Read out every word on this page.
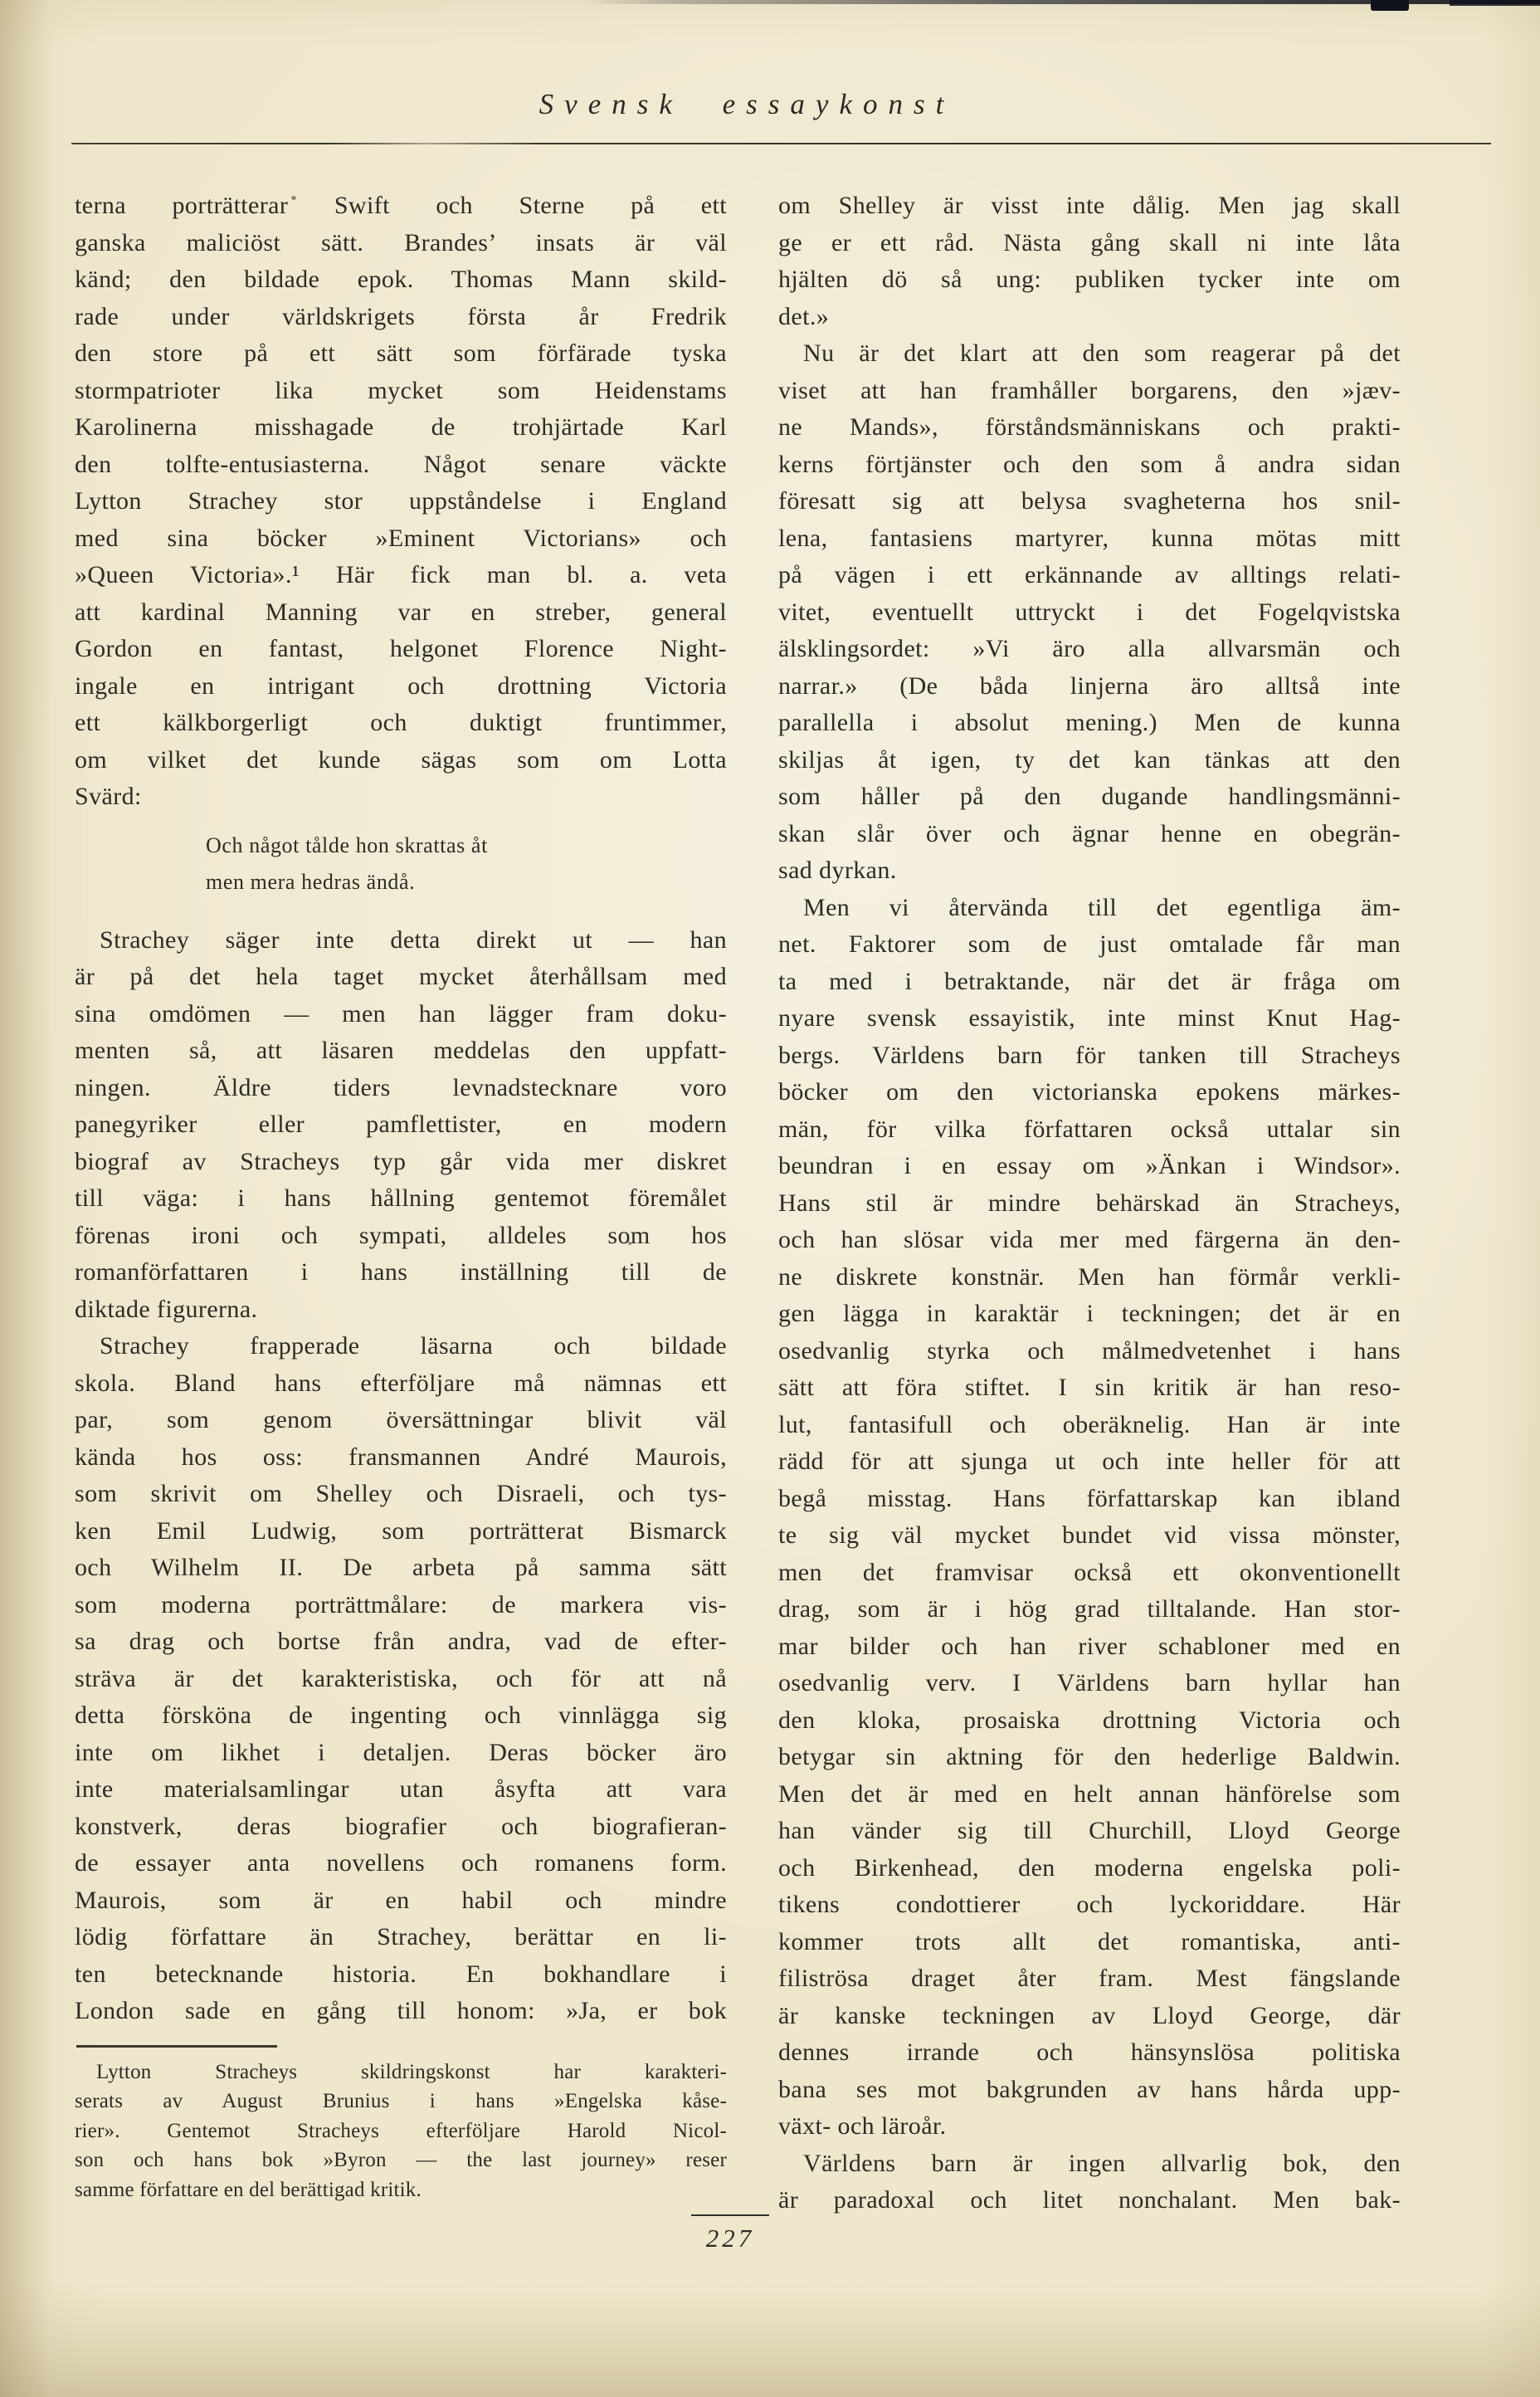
Svensk essaykonst
terna porträtterar Swift och Sterne på ett
ganska maliciöst sätt. Brandes’ insats är väl
känd; den bildade epok. Thomas Mann skild-
rade under världskrigets första år Fredrik
den store på ett sätt som förfärade tyska
stormpatrioter lika mycket som Heidenstams
Karolinerna misshagade de trohjärtade Karl
den tolfte-entusiasterna. Något senare väckte
Lytton Strachey stor uppståndelse i England
med sina böcker »Eminent Victorians» och
»Queen Victoria».¹ Här fick man bl. a. veta
att kardinal Manning var en streber, general
Gordon en fantast, helgonet Florence Night-
ingale en intrigant och drottning Victoria
ett kälkborgerligt och duktigt fruntimmer,
om vilket det kunde sägas som om Lotta
Svärd:
Och något tålde hon skrattas åt
men mera hedras ändå.
Strachey säger inte detta direkt ut — han
är på det hela taget mycket återhållsam med
sina omdömen — men han lägger fram doku-
menten så, att läsaren meddelas den uppfatt-
ningen. Äldre tiders levnadstecknare voro
panegyriker eller pamflettister, en modern
biograf av Stracheys typ går vida mer diskret
till väga: i hans hållning gentemot föremålet
förenas ironi och sympati, alldeles som hos
romanförfattaren i hans inställning till de
diktade figurerna.
Strachey frapperade läsarna och bildade
skola. Bland hans efterföljare må nämnas ett
par, som genom översättningar blivit väl
kända hos oss: fransmannen André Maurois,
som skrivit om Shelley och Disraeli, och tys-
ken Emil Ludwig, som porträtterat Bismarck
och Wilhelm II. De arbeta på samma sätt
som moderna porträttmålare: de markera vis-
sa drag och bortse från andra, vad de efter-
sträva är det karakteristiska, och för att nå
detta försköna de ingenting och vinnlägga sig
inte om likhet i detaljen. Deras böcker äro
inte materialsamlingar utan åsyfta att vara
konstverk, deras biografier och biografieran-
de essayer anta novellens och romanens form.
Maurois, som är en habil och mindre
lödig författare än Strachey, berättar en li-
ten betecknande historia. En bokhandlare i
London sade en gång till honom: »Ja, er bok
Lytton Stracheys skildringskonst har karakteri-
serats av August Brunius i hans »Engelska kåse-
rier». Gentemot Stracheys efterföljare Harold Nicol-
son och hans bok »Byron — the last journey» reser
samme författare en del berättigad kritik.
om Shelley är visst inte dålig. Men jag skall
ge er ett råd. Nästa gång skall ni inte låta
hjälten dö så ung: publiken tycker inte om
det.»
Nu är det klart att den som reagerar på det
viset att han framhåller borgarens, den »jæv-
ne Mands», förståndsmänniskans och prakti-
kerns förtjänster och den som å andra sidan
föresatt sig att belysa svagheterna hos snil-
lena, fantasiens martyrer, kunna mötas mitt
på vägen i ett erkännande av alltings relati-
vitet, eventuellt uttryckt i det Fogelqvistska
älsklingsordet: »Vi äro alla allvarsmän och
narrar.» (De båda linjerna äro alltså inte
parallella i absolut mening.) Men de kunna
skiljas åt igen, ty det kan tänkas att den
som håller på den dugande handlingsmänni-
skan slår över och ägnar henne en obegrän-
sad dyrkan.
Men vi återvända till det egentliga äm-
net. Faktorer som de just omtalade får man
ta med i betraktande, när det är fråga om
nyare svensk essayistik, inte minst Knut Hag-
bergs. Världens barn för tanken till Stracheys
böcker om den victorianska epokens märkes-
män, för vilka författaren också uttalar sin
beundran i en essay om »Änkan i Windsor».
Hans stil är mindre behärskad än Stracheys,
och han slösar vida mer med färgerna än den-
ne diskrete konstnär. Men han förmår verkli-
gen lägga in karaktär i teckningen; det är en
osedvanlig styrka och målmedvetenhet i hans
sätt att föra stiftet. I sin kritik är han reso-
lut, fantasifull och oberäknelig. Han är inte
rädd för att sjunga ut och inte heller för att
begå misstag. Hans författarskap kan ibland
te sig väl mycket bundet vid vissa mönster,
men det framvisar också ett okonventionellt
drag, som är i hög grad tilltalande. Han stor-
mar bilder och han river schabloner med en
osedvanlig verv. I Världens barn hyllar han
den kloka, prosaiska drottning Victoria och
betygar sin aktning för den hederlige Baldwin.
Men det är med en helt annan hänförelse som
han vänder sig till Churchill, Lloyd George
och Birkenhead, den moderna engelska poli-
tikens condottierer och lyckoriddare. Här
kommer trots allt det romantiska, anti-
filiströsa draget åter fram. Mest fängslande
är kanske teckningen av Lloyd George, där
dennes irrande och hänsynslösa politiska
bana ses mot bakgrunden av hans hårda upp-
växt- och läroår.
Världens barn är ingen allvarlig bok, den
är paradoxal och litet nonchalant. Men bak-
227
